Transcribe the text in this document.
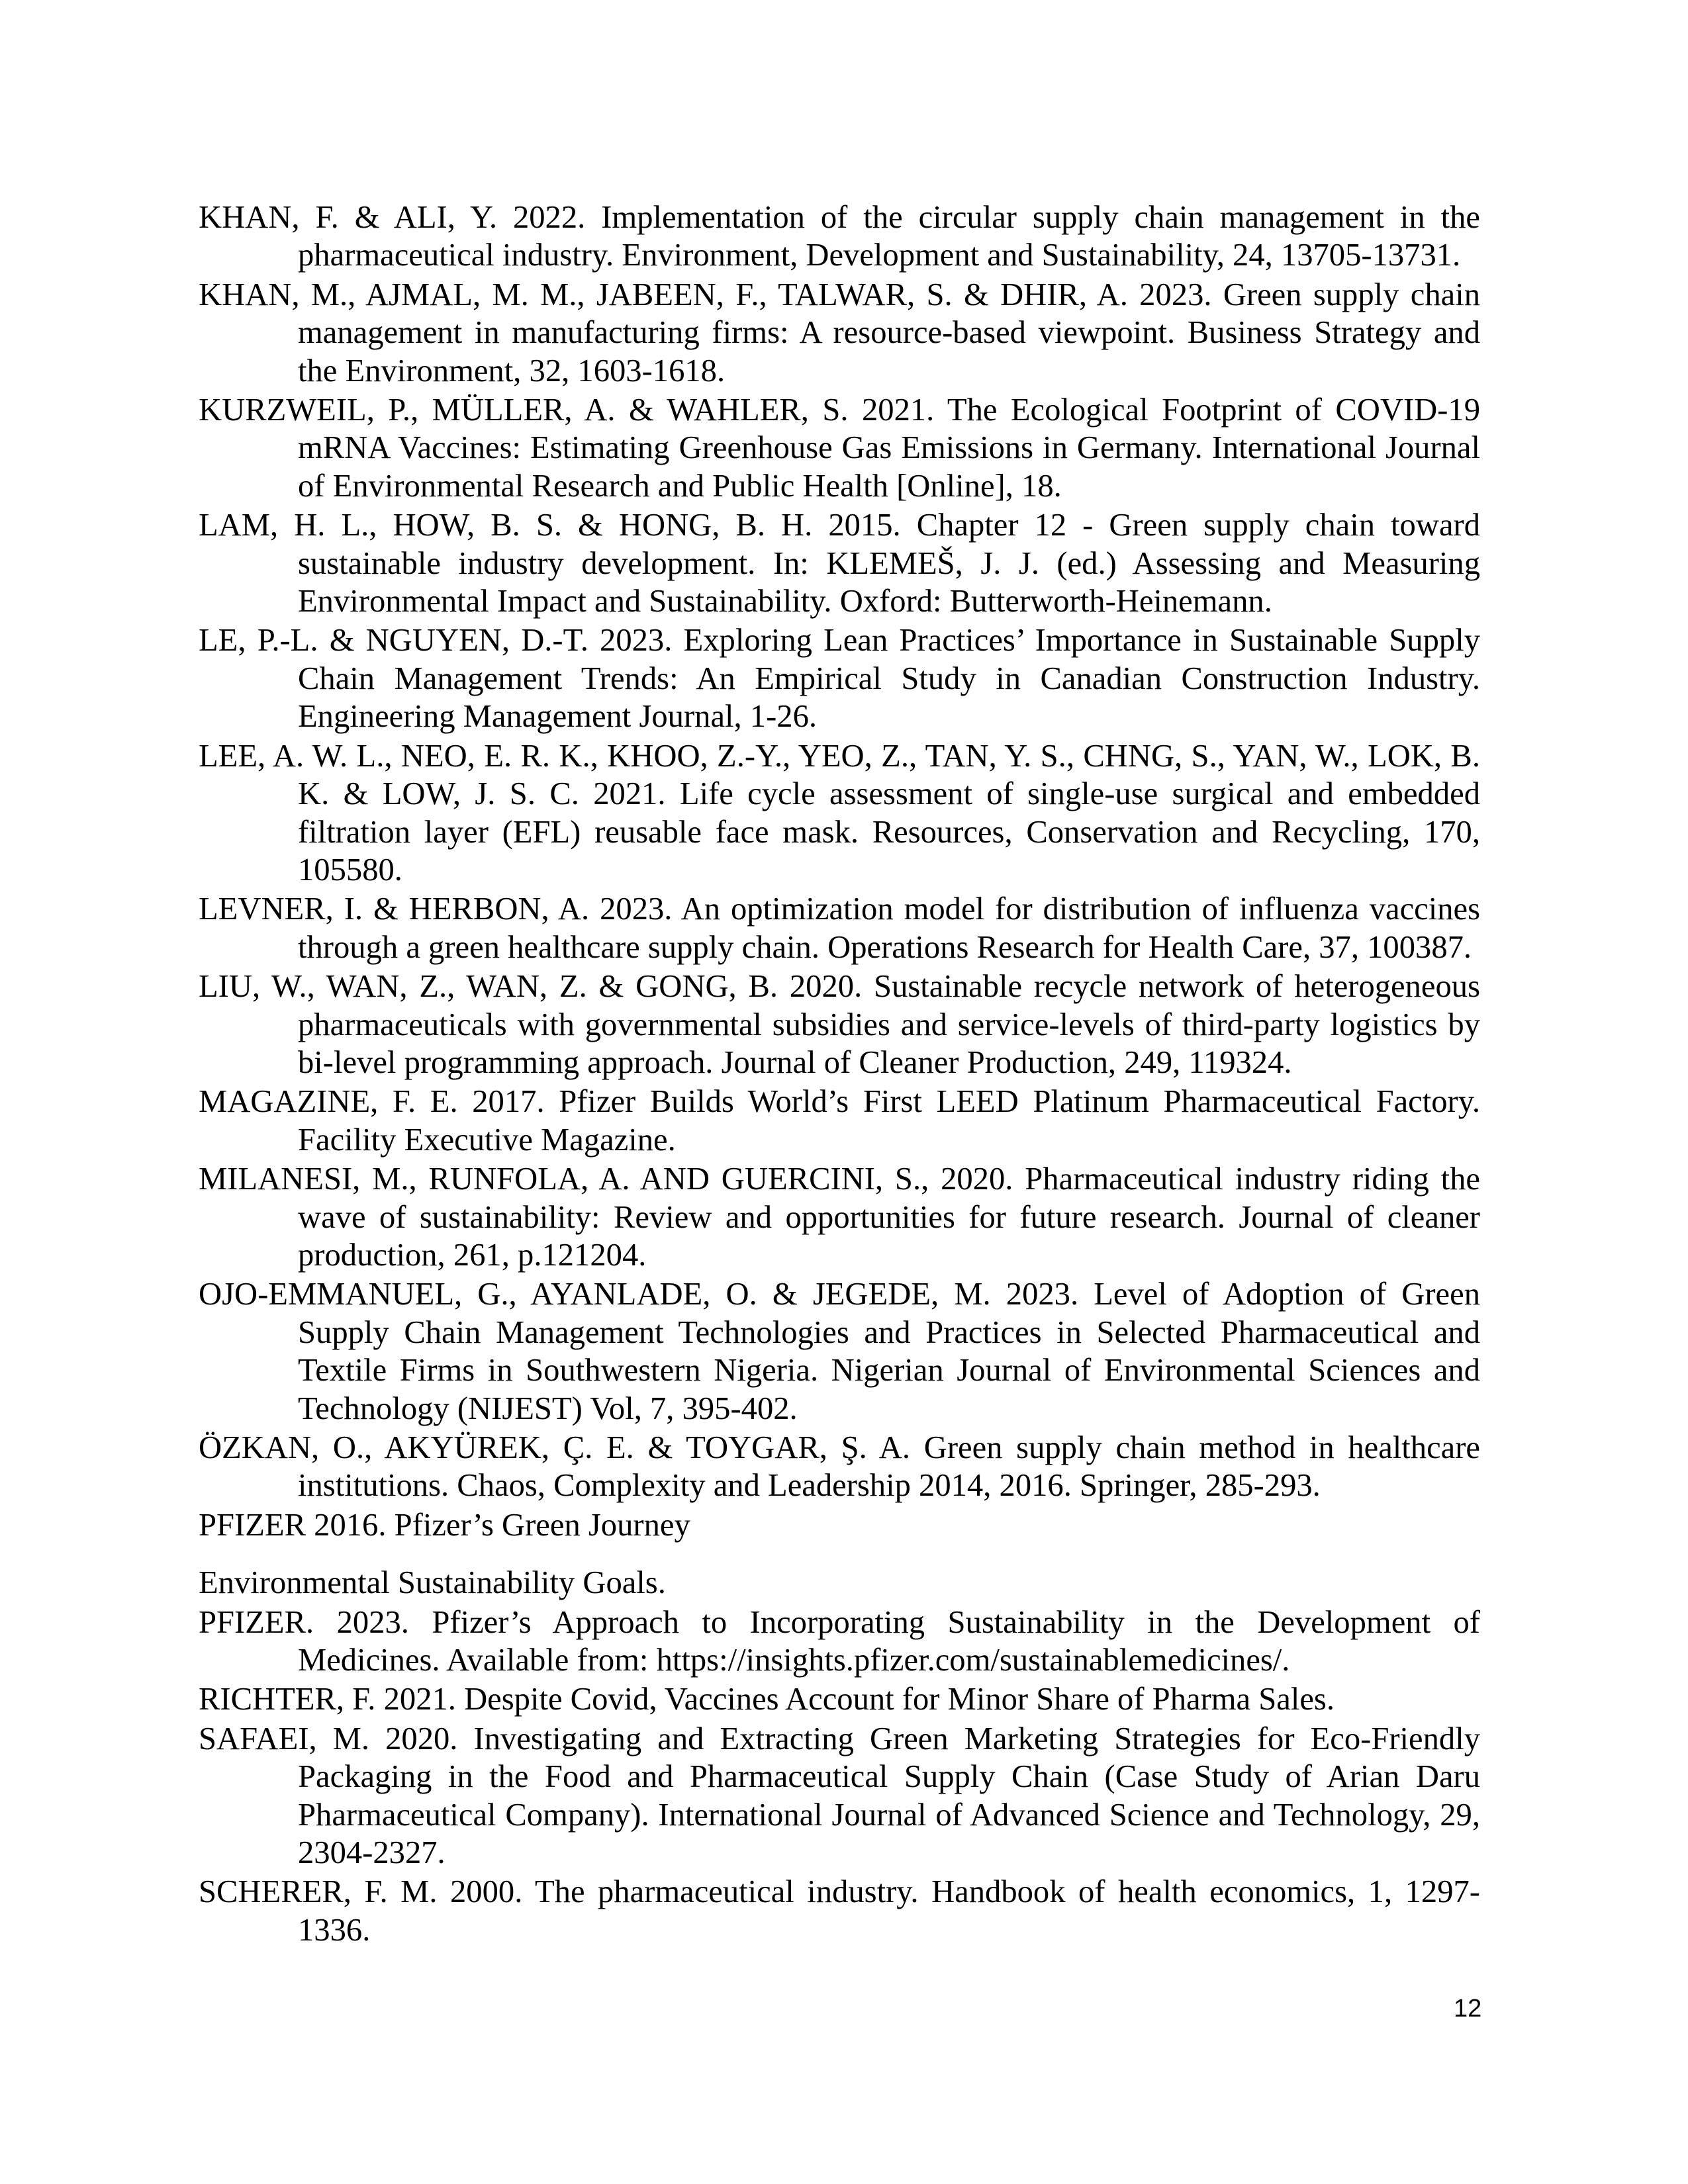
KHAN, F. & ALI, Y. 2022. Implementation of the circular supply chain management in the pharmaceutical industry. Environment, Development and Sustainability, 24, 13705-13731.

KHAN, M., AJMAL, M. M., JABEEN, F., TALWAR, S. & DHIR, A. 2023. Green supply chain management in manufacturing firms: A resource-based viewpoint. Business Strategy and the Environment, 32, 1603-1618.

KURZWEIL, P., MÜLLER, A. & WAHLER, S. 2021. The Ecological Footprint of COVID-19 mRNA Vaccines: Estimating Greenhouse Gas Emissions in Germany. International Journal of Environmental Research and Public Health [Online], 18.

LAM, H. L., HOW, B. S. & HONG, B. H. 2015. Chapter 12 - Green supply chain toward sustainable industry development. In: KLEMEŠ, J. J. (ed.) Assessing and Measuring Environmental Impact and Sustainability. Oxford: Butterworth-Heinemann.

LE, P.-L. & NGUYEN, D.-T. 2023. Exploring Lean Practices’ Importance in Sustainable Supply Chain Management Trends: An Empirical Study in Canadian Construction Industry. Engineering Management Journal, 1-26.

LEE, A. W. L., NEO, E. R. K., KHOO, Z.-Y., YEO, Z., TAN, Y. S., CHNG, S., YAN, W., LOK, B. K. & LOW, J. S. C. 2021. Life cycle assessment of single-use surgical and embedded filtration layer (EFL) reusable face mask. Resources, Conservation and Recycling, 170, 105580.

LEVNER, I. & HERBON, A. 2023. An optimization model for distribution of influenza vaccines through a green healthcare supply chain. Operations Research for Health Care, 37, 100387.

LIU, W., WAN, Z., WAN, Z. & GONG, B. 2020. Sustainable recycle network of heterogeneous pharmaceuticals with governmental subsidies and service-levels of third-party logistics by bi-level programming approach. Journal of Cleaner Production, 249, 119324.

MAGAZINE, F. E. 2017. Pfizer Builds World’s First LEED Platinum Pharmaceutical Factory. Facility Executive Magazine.

MILANESI, M., RUNFOLA, A. AND GUERCINI, S., 2020. Pharmaceutical industry riding the wave of sustainability: Review and opportunities for future research. Journal of cleaner production, 261, p.121204.

OJO-EMMANUEL, G., AYANLADE, O. & JEGEDE, M. 2023. Level of Adoption of Green Supply Chain Management Technologies and Practices in Selected Pharmaceutical and Textile Firms in Southwestern Nigeria. Nigerian Journal of Environmental Sciences and Technology (NIJEST) Vol, 7, 395-402.

ÖZKAN, O., AKYÜREK, Ç. E. & TOYGAR, Ş. A. Green supply chain method in healthcare institutions. Chaos, Complexity and Leadership 2014, 2016. Springer, 285-293.

PFIZER 2016. Pfizer’s Green Journey

Environmental Sustainability Goals.

PFIZER. 2023. Pfizer’s Approach to Incorporating Sustainability in the Development of Medicines. Available from: https://insights.pfizer.com/sustainablemedicines/.

RICHTER, F. 2021. Despite Covid, Vaccines Account for Minor Share of Pharma Sales.

SAFAEI, M. 2020. Investigating and Extracting Green Marketing Strategies for Eco-Friendly Packaging in the Food and Pharmaceutical Supply Chain (Case Study of Arian Daru Pharmaceutical Company). International Journal of Advanced Science and Technology, 29, 2304-2327.

SCHERER, F. M. 2000. The pharmaceutical industry. Handbook of health economics, 1, 1297-1336.

12
